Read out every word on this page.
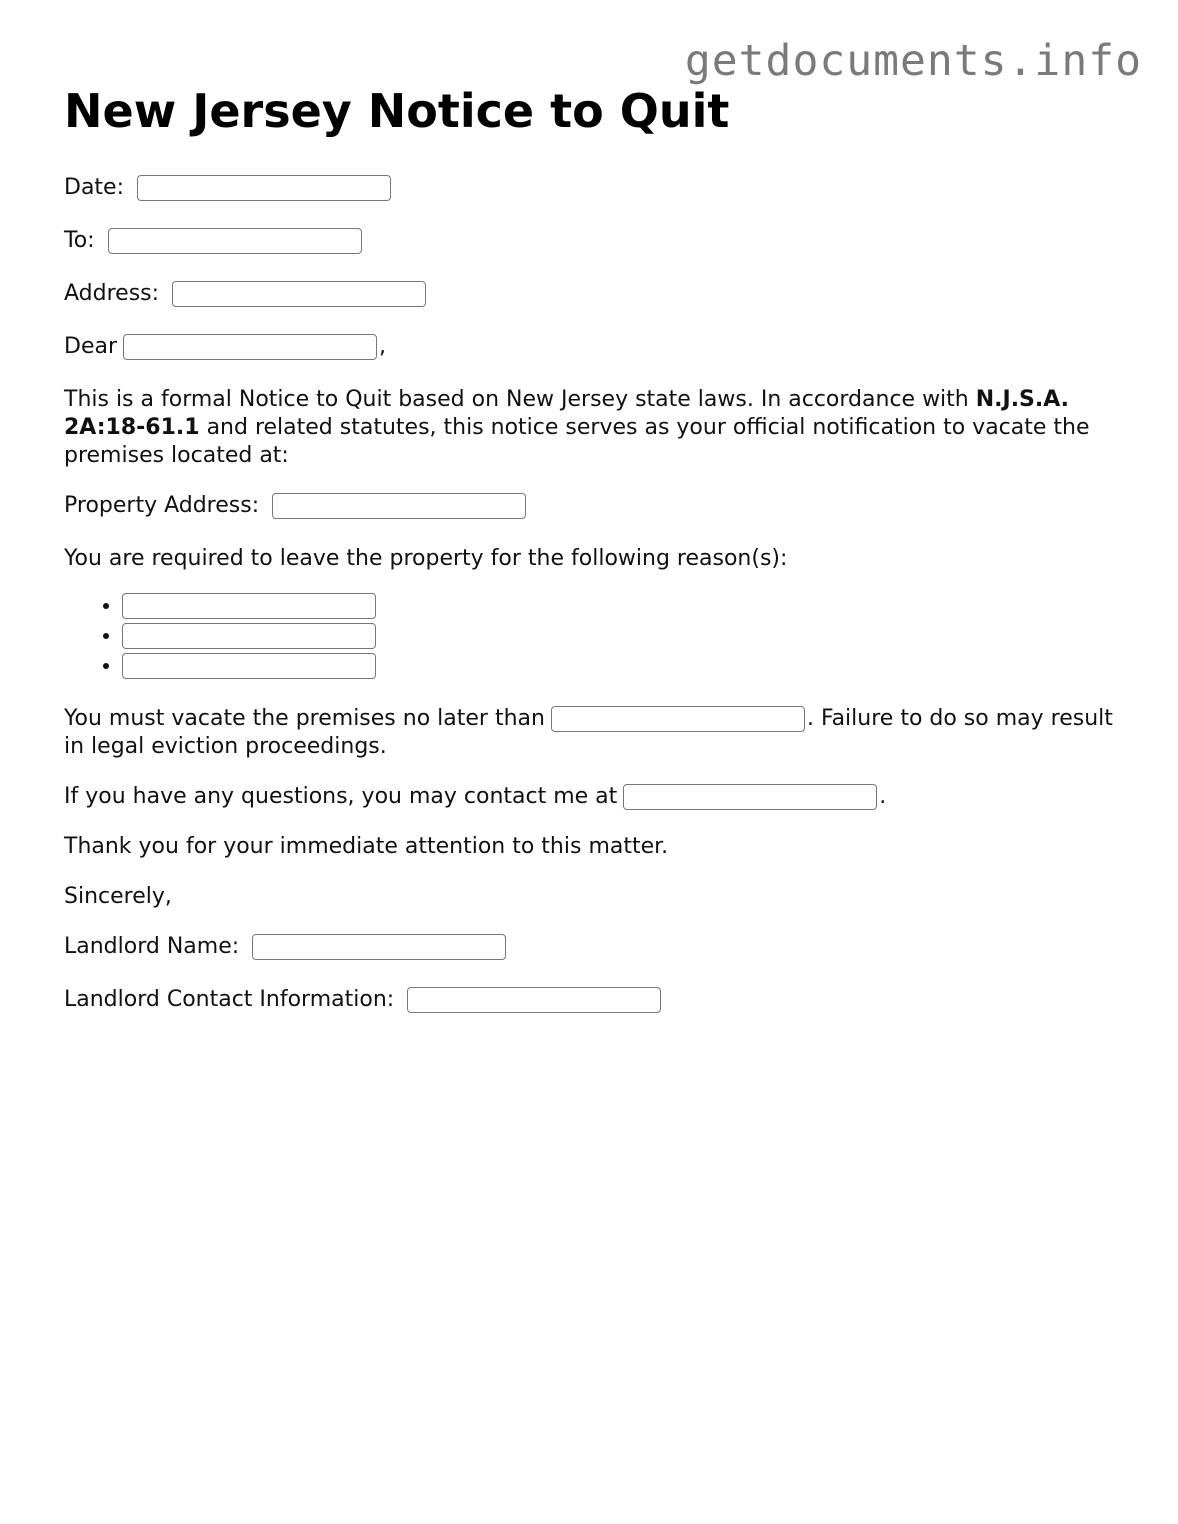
getdocuments.info
New Jersey Notice to Quit
Date:
To:
Address:
Dear	,

This is a formal Notice to Quit based on New Jersey state laws. In accordance with N.J.S.A. 2A:18-61.1 and related statutes, this notice serves as your official notification to vacate the premises located at:

Property Address:

You are required to leave the property for the following reason(s):

•
•
•

You must vacate the premises no later than	. Failure to do so may result in legal eviction proceedings.

If you have any questions, you may contact me at	.

Thank you for your immediate attention to this matter.

Sincerely,

Landlord Name:
Landlord Contact Information:
